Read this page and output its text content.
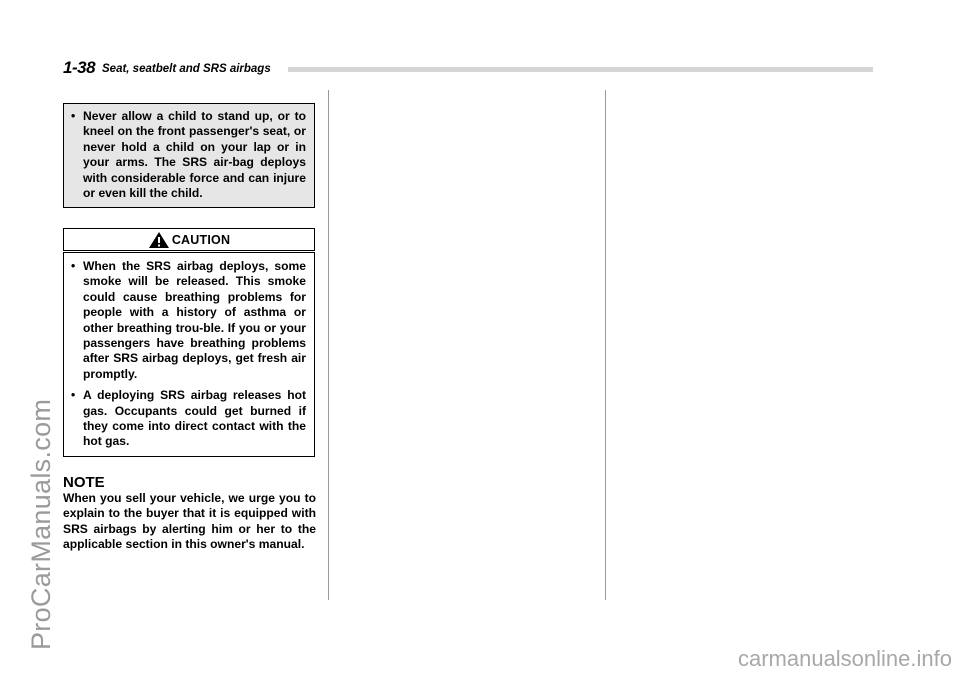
1-38 Seat, seatbelt and SRS airbags
• Never allow a child to stand up, or to kneel on the front passenger's seat, or never hold a child on your lap or in your arms. The SRS air-bag deploys with considerable force and can injure or even kill the child.
CAUTION
• When the SRS airbag deploys, some smoke will be released. This smoke could cause breathing problems for people with a history of asthma or other breathing trou-ble. If you or your passengers have breathing problems after SRS airbag deploys, get fresh air promptly.
• A deploying SRS airbag releases hot gas. Occupants could get burned if they come into direct contact with the hot gas.
NOTE
When you sell your vehicle, we urge you to explain to the buyer that it is equipped with SRS airbags by alerting him or her to the applicable section in this owner's manual.
ProCarManuals.com
carmanualsonline.info
